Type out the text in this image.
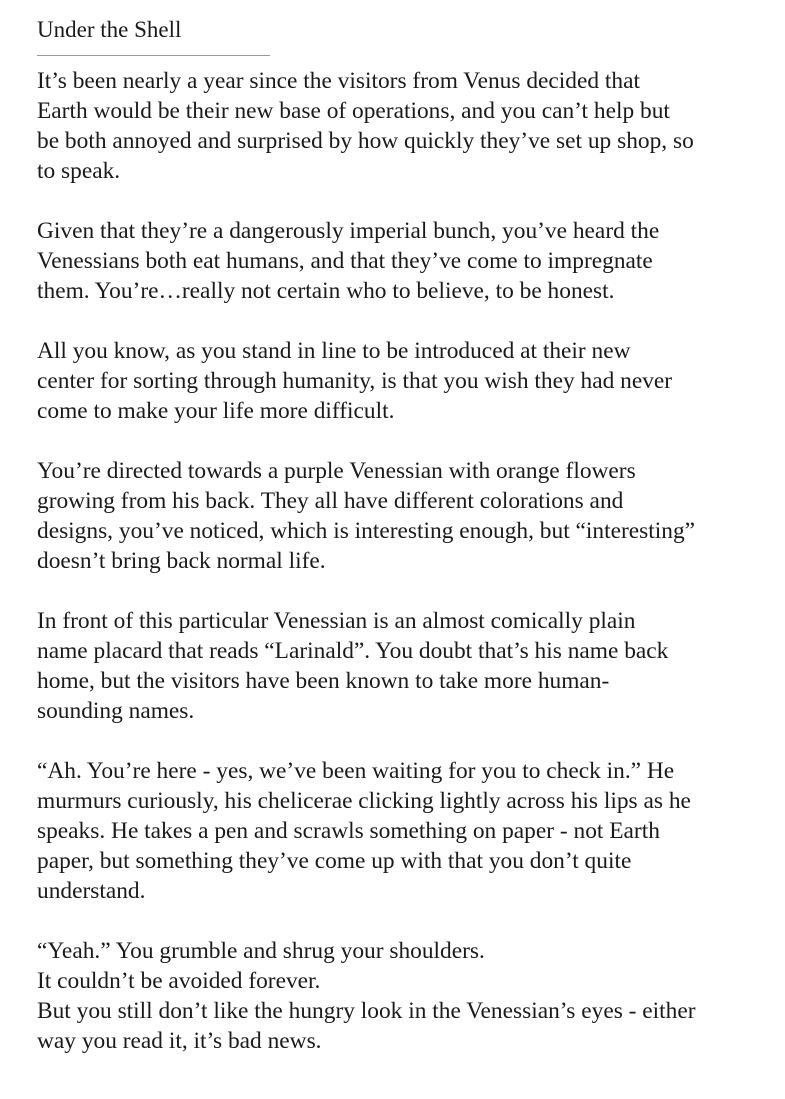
Under the Shell
It’s been nearly a year since the visitors from Venus decided that
Earth would be their new base of operations, and you can’t help but
be both annoyed and surprised by how quickly they’ve set up shop, so
to speak.
Given that they’re a dangerously imperial bunch, you’ve heard the
Venessians both eat humans, and that they’ve come to impregnate
them. You’re…really not certain who to believe, to be honest.
All you know, as you stand in line to be introduced at their new
center for sorting through humanity, is that you wish they had never
come to make your life more difficult.
You’re directed towards a purple Venessian with orange flowers
growing from his back. They all have different colorations and
designs, you’ve noticed, which is interesting enough, but “interesting”
doesn’t bring back normal life.
In front of this particular Venessian is an almost comically plain
name placard that reads “Larinald”. You doubt that’s his name back
home, but the visitors have been known to take more human-
sounding names.
“Ah. You’re here - yes, we’ve been waiting for you to check in.” He
murmurs curiously, his chelicerae clicking lightly across his lips as he
speaks. He takes a pen and scrawls something on paper - not Earth
paper, but something they’ve come up with that you don’t quite
understand.
“Yeah.” You grumble and shrug your shoulders.
It couldn’t be avoided forever.
But you still don’t like the hungry look in the Venessian’s eyes - either
way you read it, it’s bad news.
